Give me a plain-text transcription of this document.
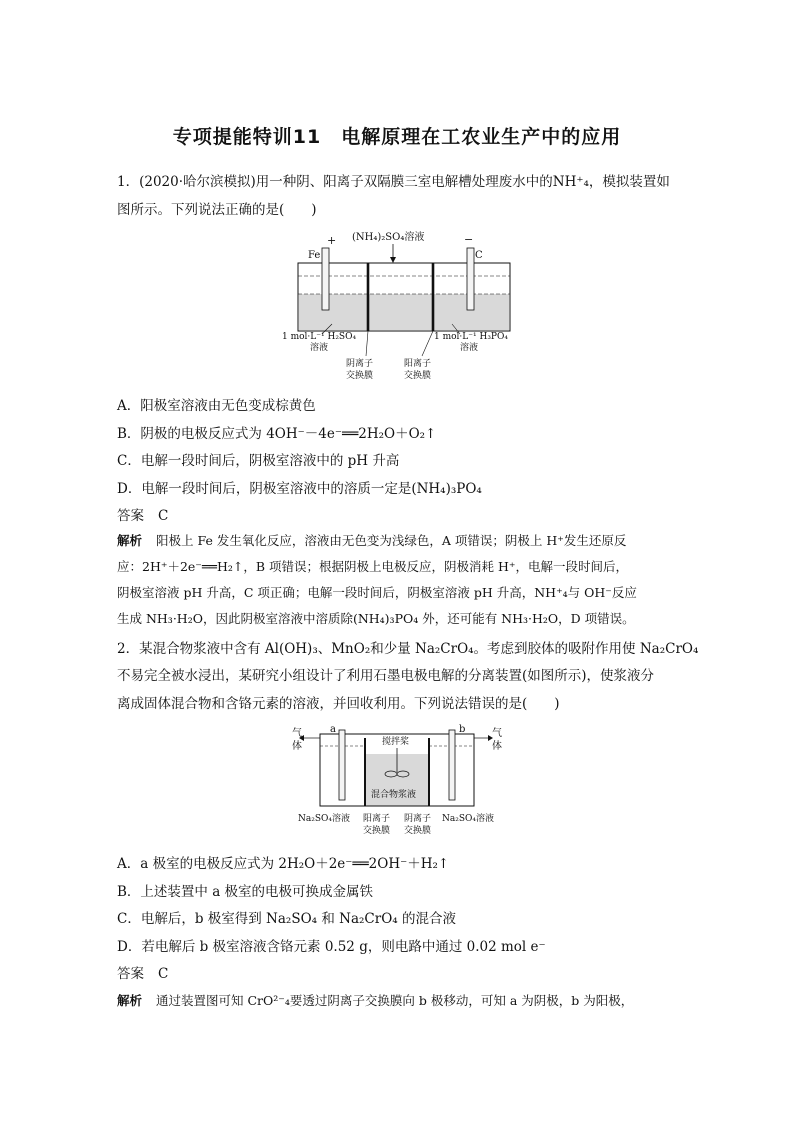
专项提能特训11　电解原理在工农业生产中的应用
1．(2020·哈尔滨模拟)用一种阴、阳离子双隔膜三室电解槽处理废水中的NH⁺₄，模拟装置如
图所示。下列说法正确的是(　　)
(NH₄)₂SO₄溶液
+	−
Fe	C
1 mol·L⁻¹ H₂SO₄
溶液
1 mol·L⁻¹ H₃PO₄
溶液
阴离子
交换膜
阳离子
交换膜
A．阳极室溶液由无色变成棕黄色
B．阴极的电极反应式为 4OH⁻－4e⁻══2H₂O＋O₂↑
C．电解一段时间后，阴极室溶液中的 pH 升高
D．电解一段时间后，阴极室溶液中的溶质一定是(NH₄)₃PO₄
答案 C
解析 阳极上 Fe 发生氧化反应，溶液由无色变为浅绿色，A 项错误；阴极上 H⁺发生还原反
应：2H⁺＋2e⁻══H₂↑，B 项错误；根据阴极上电极反应，阴极消耗 H⁺，电解一段时间后，
阴极室溶液 pH 升高，C 项正确；电解一段时间后，阴极室溶液 pH 升高，NH⁺₄与 OH⁻反应
生成 NH₃·H₂O，因此阴极室溶液中溶质除(NH₄)₃PO₄ 外，还可能有 NH₃·H₂O，D 项错误。
2．某混合物浆液中含有 Al(OH)₃、MnO₂和少量 Na₂CrO₄。考虑到胶体的吸附作用使 Na₂CrO₄
不易完全被水浸出，某研究小组设计了利用石墨电极电解的分离装置(如图所示)，使浆液分
离成固体混合物和含铬元素的溶液，并回收利用。下列说法错误的是(　　)
a	b
气
体
气
体
搅拌桨
混合物浆液
Na₂SO₄溶液	Na₂SO₄溶液
阳离子
交换膜
阴离子
交换膜
A．a 极室的电极反应式为 2H₂O＋2e⁻══2OH⁻＋H₂↑
B．上述装置中 a 极室的电极可换成金属铁
C．电解后，b 极室得到 Na₂SO₄ 和 Na₂CrO₄ 的混合液
D．若电解后 b 极室溶液含铬元素 0.52 g，则电路中通过 0.02 mol e⁻
答案 C
解析 通过装置图可知 CrO²⁻₄要透过阴离子交换膜向 b 极移动，可知 a 为阴极，b 为阳极，
